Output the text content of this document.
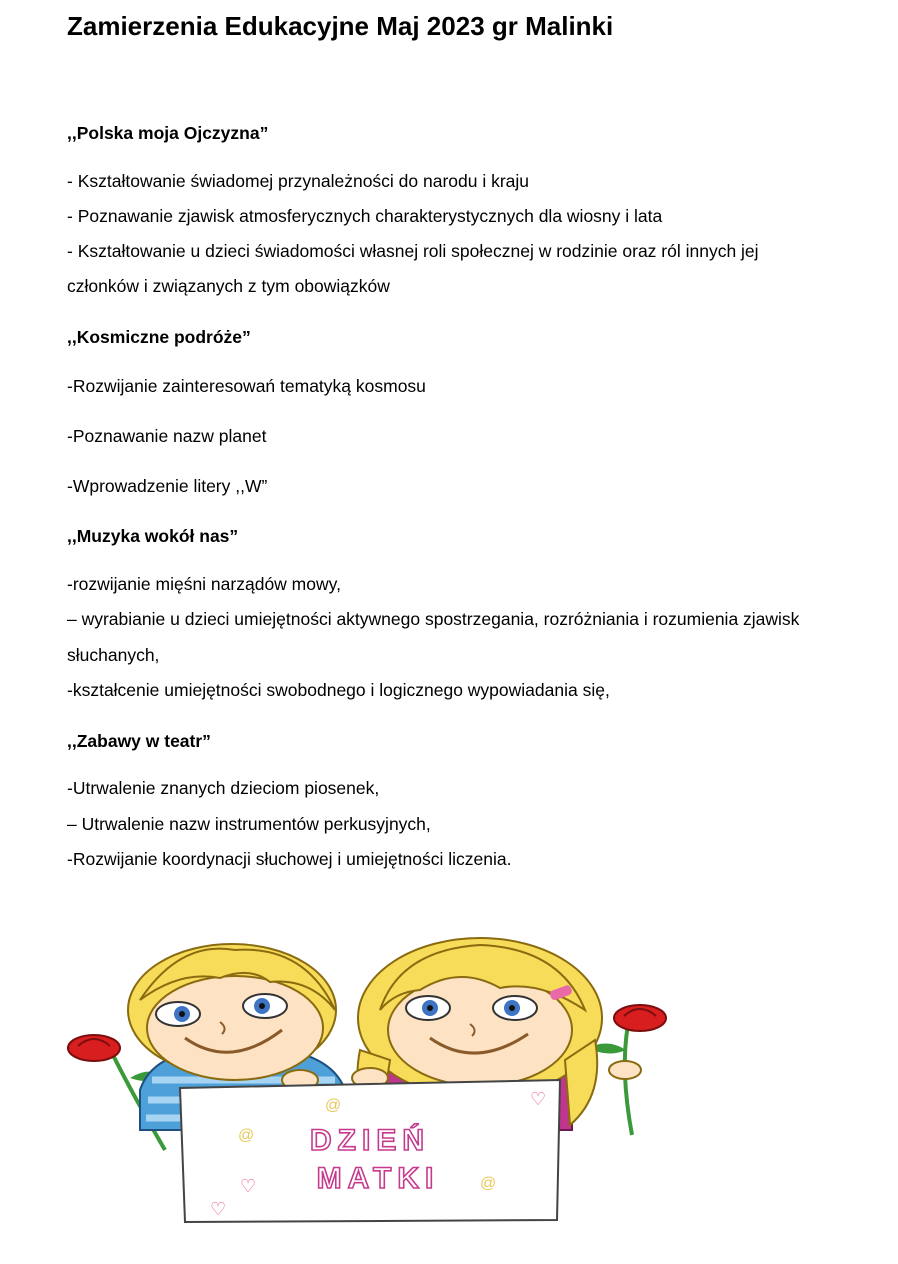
Zamierzenia Edukacyjne Maj 2023 gr Malinki

,,Polska moja Ojczyzna”

- Kształtowanie świadomej przynależności do narodu i kraju

- Poznawanie zjawisk atmosferycznych charakterystycznych dla wiosny i lata

- Kształtowanie u dzieci świadomości własnej roli społecznej w rodzinie oraz ról innych jej

członków i związanych z tym obowiązków

,,Kosmiczne podróże”

-Rozwijanie zainteresowań tematyką kosmosu

-Poznawanie nazw planet

-Wprowadzenie litery ,,W”

,,Muzyka wokół nas”

-rozwijanie mięśni narządów mowy,

– wyrabianie u dzieci umiejętności aktywnego spostrzegania, rozróżniania i rozumienia zjawisk

słuchanych,

-kształcenie umiejętności swobodnego i logicznego wypowiadania się,

,,Zabawy w teatr”

-Utrwalenie znanych dzieciom piosenek,

– Utrwalenie nazw instrumentów perkusyjnych,

-Rozwijanie koordynacji słuchowej i umiejętności liczenia.

DZIEŃ
MATKI
♡
♡
♡
@
@
@
